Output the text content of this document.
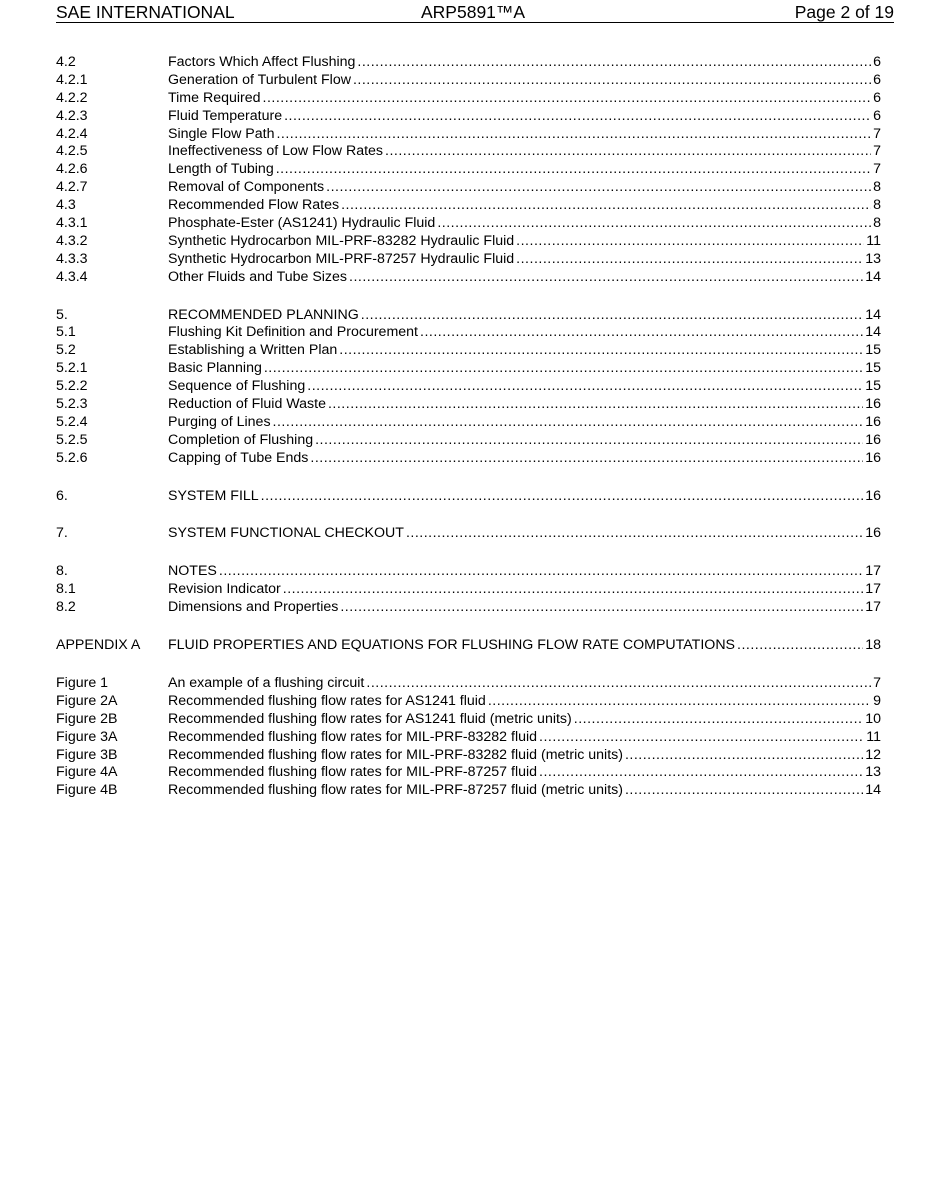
SAE INTERNATIONAL	ARP5891™A	Page 2 of 19
4.2	Factors Which Affect Flushing .....	6
4.2.1	Generation of Turbulent Flow .....	6
4.2.2	Time Required .....	6
4.2.3	Fluid Temperature .....	6
4.2.4	Single Flow Path .....	7
4.2.5	Ineffectiveness of Low Flow Rates .....	7
4.2.6	Length of Tubing .....	7
4.2.7	Removal of Components .....	8
4.3	Recommended Flow Rates .....	8
4.3.1	Phosphate-Ester (AS1241) Hydraulic Fluid .....	8
4.3.2	Synthetic Hydrocarbon MIL-PRF-83282 Hydraulic Fluid .....	11
4.3.3	Synthetic Hydrocarbon MIL-PRF-87257 Hydraulic Fluid .....	13
4.3.4	Other Fluids and Tube Sizes .....	14
5.	RECOMMENDED PLANNING .....	14
5.1	Flushing Kit Definition and Procurement .....	14
5.2	Establishing a Written Plan .....	15
5.2.1	Basic Planning .....	15
5.2.2	Sequence of Flushing .....	15
5.2.3	Reduction of Fluid Waste .....	16
5.2.4	Purging of Lines .....	16
5.2.5	Completion of Flushing .....	16
5.2.6	Capping of Tube Ends .....	16
6.	SYSTEM FILL .....	16
7.	SYSTEM FUNCTIONAL CHECKOUT .....	16
8.	NOTES .....	17
8.1	Revision Indicator .....	17
8.2	Dimensions and Properties .....	17
APPENDIX A	FLUID PROPERTIES AND EQUATIONS FOR FLUSHING FLOW RATE COMPUTATIONS .....	18
Figure 1	An example of a flushing circuit .....	7
Figure 2A	Recommended flushing flow rates for AS1241 fluid .....	9
Figure 2B	Recommended flushing flow rates for AS1241 fluid (metric units) .....	10
Figure 3A	Recommended flushing flow rates for MIL-PRF-83282 fluid .....	11
Figure 3B	Recommended flushing flow rates for MIL-PRF-83282 fluid (metric units) .....	12
Figure 4A	Recommended flushing flow rates for MIL-PRF-87257 fluid .....	13
Figure 4B	Recommended flushing flow rates for MIL-PRF-87257 fluid (metric units) .....	14
